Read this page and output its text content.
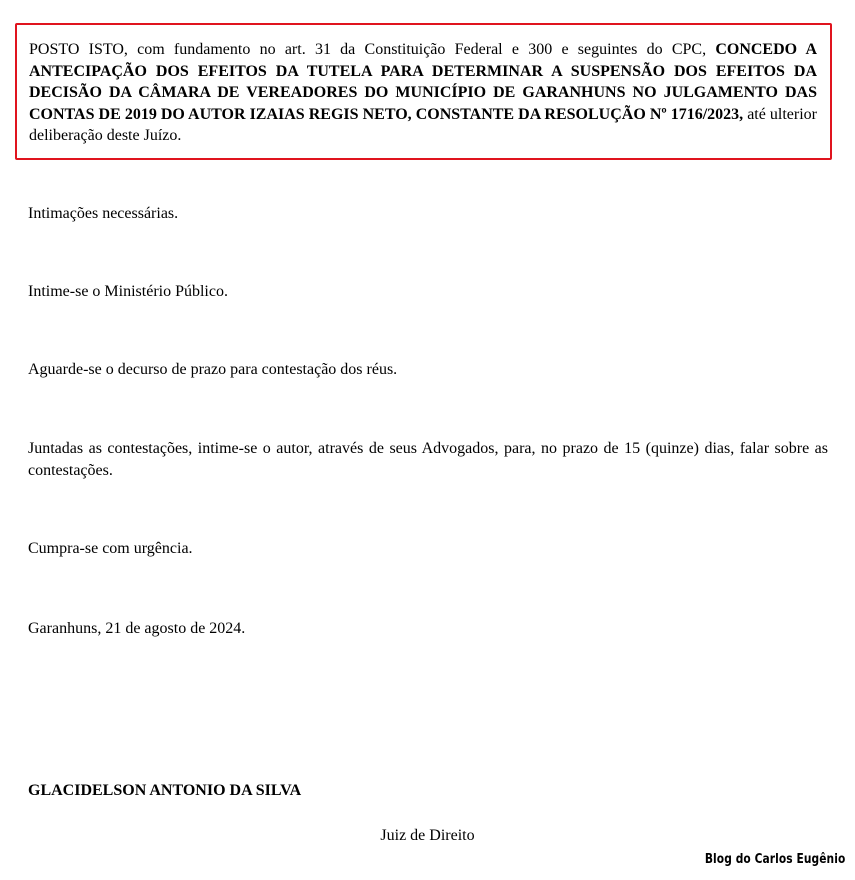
POSTO ISTO, com fundamento no art. 31 da Constituição Federal e 300 e seguintes do CPC, CONCEDO A ANTECIPAÇÃO DOS EFEITOS DA TUTELA PARA DETERMINAR A SUSPENSÃO DOS EFEITOS DA DECISÃO DA CÂMARA DE VEREADORES DO MUNICÍPIO DE GARANHUNS NO JULGAMENTO DAS CONTAS DE 2019 DO AUTOR IZAIAS REGIS NETO, CONSTANTE DA RESOLUÇÃO Nº 1716/2023, até ulterior deliberação deste Juízo.
Intimações necessárias.
Intime-se o Ministério Público.
Aguarde-se o decurso de prazo para contestação dos réus.
Juntadas as contestações, intime-se o autor, através de seus Advogados, para, no prazo de 15 (quinze) dias, falar sobre as contestações.
Cumpra-se com urgência.
Garanhuns, 21 de agosto de 2024.
GLACIDELSON ANTONIO DA SILVA
Juiz de Direito
Blog do Carlos Eugênio
